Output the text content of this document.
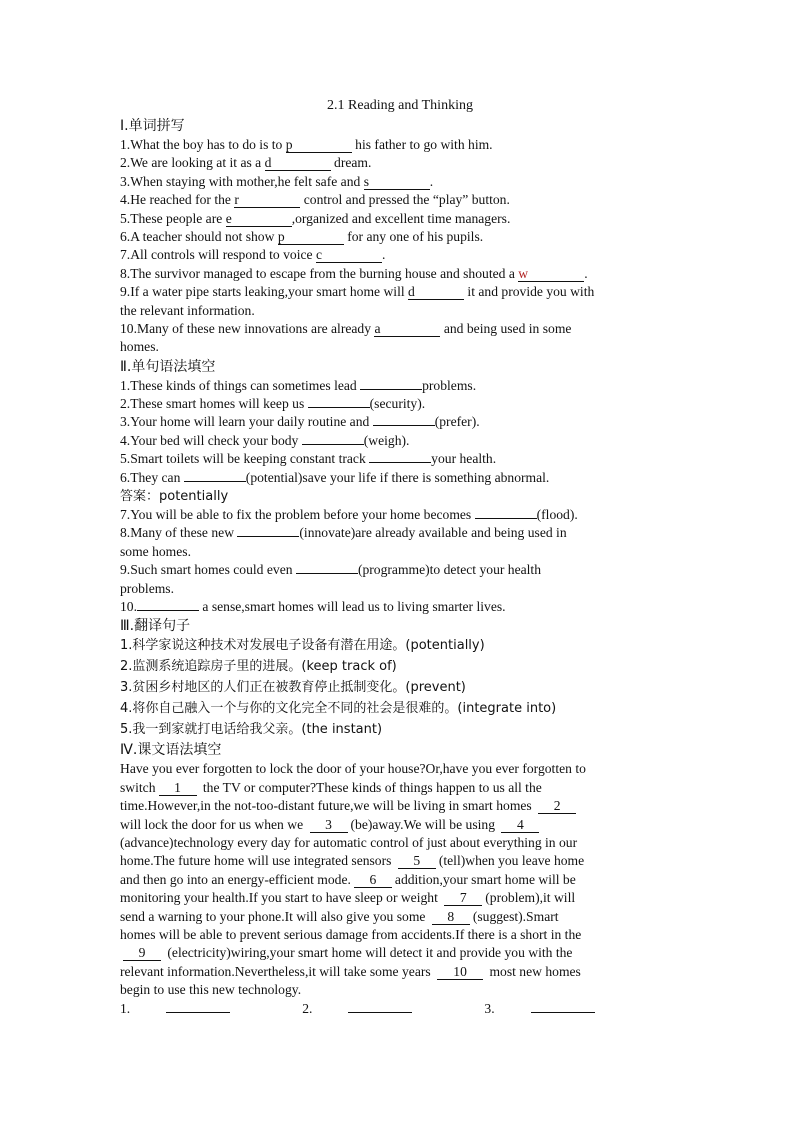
2.1 Reading and Thinking
Ⅰ.单词拼写
1.What the boy has to do is to p	his father to go with him.
2.We are looking at it as a d	dream.
3.When staying with mother,he felt safe and s	.
4.He reached for the r	control and pressed the “play” button.
5.These people are e	,organized and excellent time managers.
6.A teacher should not show p	for any one of his pupils.
7.All controls will respond to voice c	.
8.The survivor managed to escape from the burning house and shouted a w	.
9.If a water pipe starts leaking,your smart home will d	it and provide you with
the relevant information.
10.Many of these new innovations are already a	and being used in some
homes.
Ⅱ.单句语法填空
1.These kinds of things can sometimes lead	problems.
2.These smart homes will keep us	(security).
3.Your home will learn your daily routine and	(prefer).
4.Your bed will check your body	(weigh).
5.Smart toilets will be keeping constant track	your health.
6.They can	(potential)save your life if there is something abnormal.
答案：potentially
7.You will be able to fix the problem before your home becomes	(flood).
8.Many of these new	(innovate)are already available and being used in
some homes.
9.Such smart homes could even	(programme)to detect your health
problems.
10.	a sense,smart homes will lead us to living smarter lives.
Ⅲ.翻译句子
1.科学家说这种技术对发展电子设备有潜在用途。(potentially)
2.监测系统追踪房子里的进展。(keep track of)
3.贫困乡村地区的人们正在被教育停止抵制变化。(prevent)
4.将你自己融入一个与你的文化完全不同的社会是很难的。(integrate into)
5.我一到家就打电话给我父亲。(the instant)
Ⅳ.课文语法填空
Have you ever forgotten to lock the door of your house?Or,have you ever forgotten to
switch 1 the TV or computer?These kinds of things happen to us all the
time.However,in the not-too-distant future,we will be living in smart homes 2
will lock the door for us when we 3 (be)away.We will be using 4
(advance)technology every day for automatic control of just about everything in our
home.The future home will use integrated sensors 5 (tell)when you leave home
and then go into an energy-efficient mode. 6 addition,your smart home will be
monitoring your health.If you start to have sleep or weight 7 (problem),it will
send a warning to your phone.It will also give you some 8 (suggest).Smart
homes will be able to prevent serious damage from accidents.If there is a short in the
9 (electricity)wiring,your smart home will detect it and provide you with the
relevant information.Nevertheless,it will take some years 10 most new homes
begin to use this new technology.
1.	2.	3.
